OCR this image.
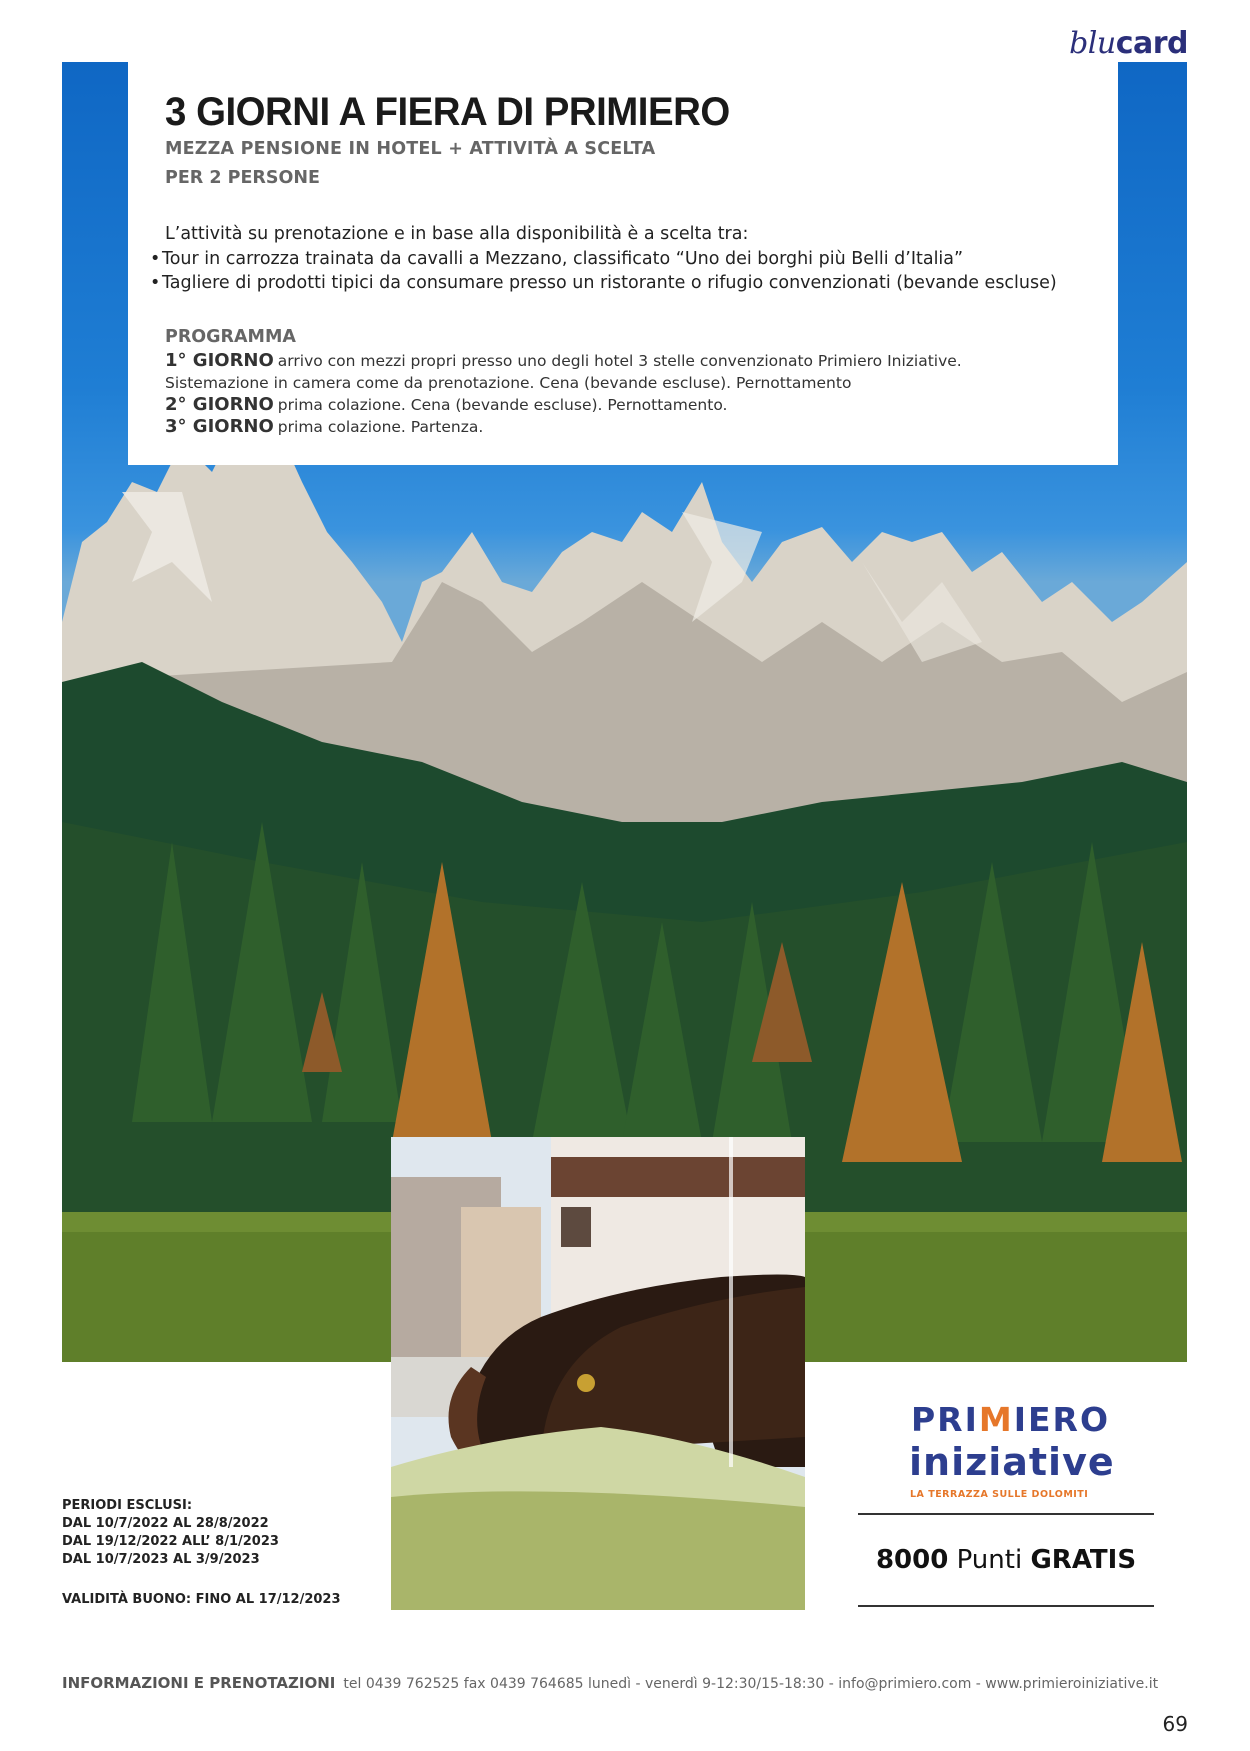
blucard
3 GIORNI A FIERA DI PRIMIERO
MEZZA PENSIONE IN HOTEL + ATTIVITÀ A SCELTA
PER 2 PERSONE
L’attività su prenotazione e in base alla disponibilità è a scelta tra:
• Tour in carrozza trainata da cavalli a Mezzano, classificato “Uno dei borghi più Belli d’Italia”
• Tagliere di prodotti tipici da consumare presso un ristorante o rifugio convenzionati (bevande escluse)
PROGRAMMA
1° GIORNO arrivo con mezzi propri presso uno degli hotel 3 stelle convenzionato Primiero Iniziative.
Sistemazione in camera come da prenotazione. Cena (bevande escluse). Pernottamento
2° GIORNO prima colazione. Cena (bevande escluse). Pernottamento.
3° GIORNO prima colazione. Partenza.
PERIODI ESCLUSI:
DAL 10/7/2022 AL 28/8/2022
DAL 19/12/2022 ALL’ 8/1/2023
DAL 10/7/2023 AL 3/9/2023
VALIDITÀ BUONO: FINO AL 17/12/2023
PRIMIERO
iniziative
LA TERRAZZA SULLE DOLOMITI
8000 Punti GRATIS
INFORMAZIONI E PRENOTAZIONI tel 0439 762525 fax 0439 764685 lunedì - venerdì 9-12:30/15-18:30 - info@primiero.com - www.primieroiniziative.it
69
